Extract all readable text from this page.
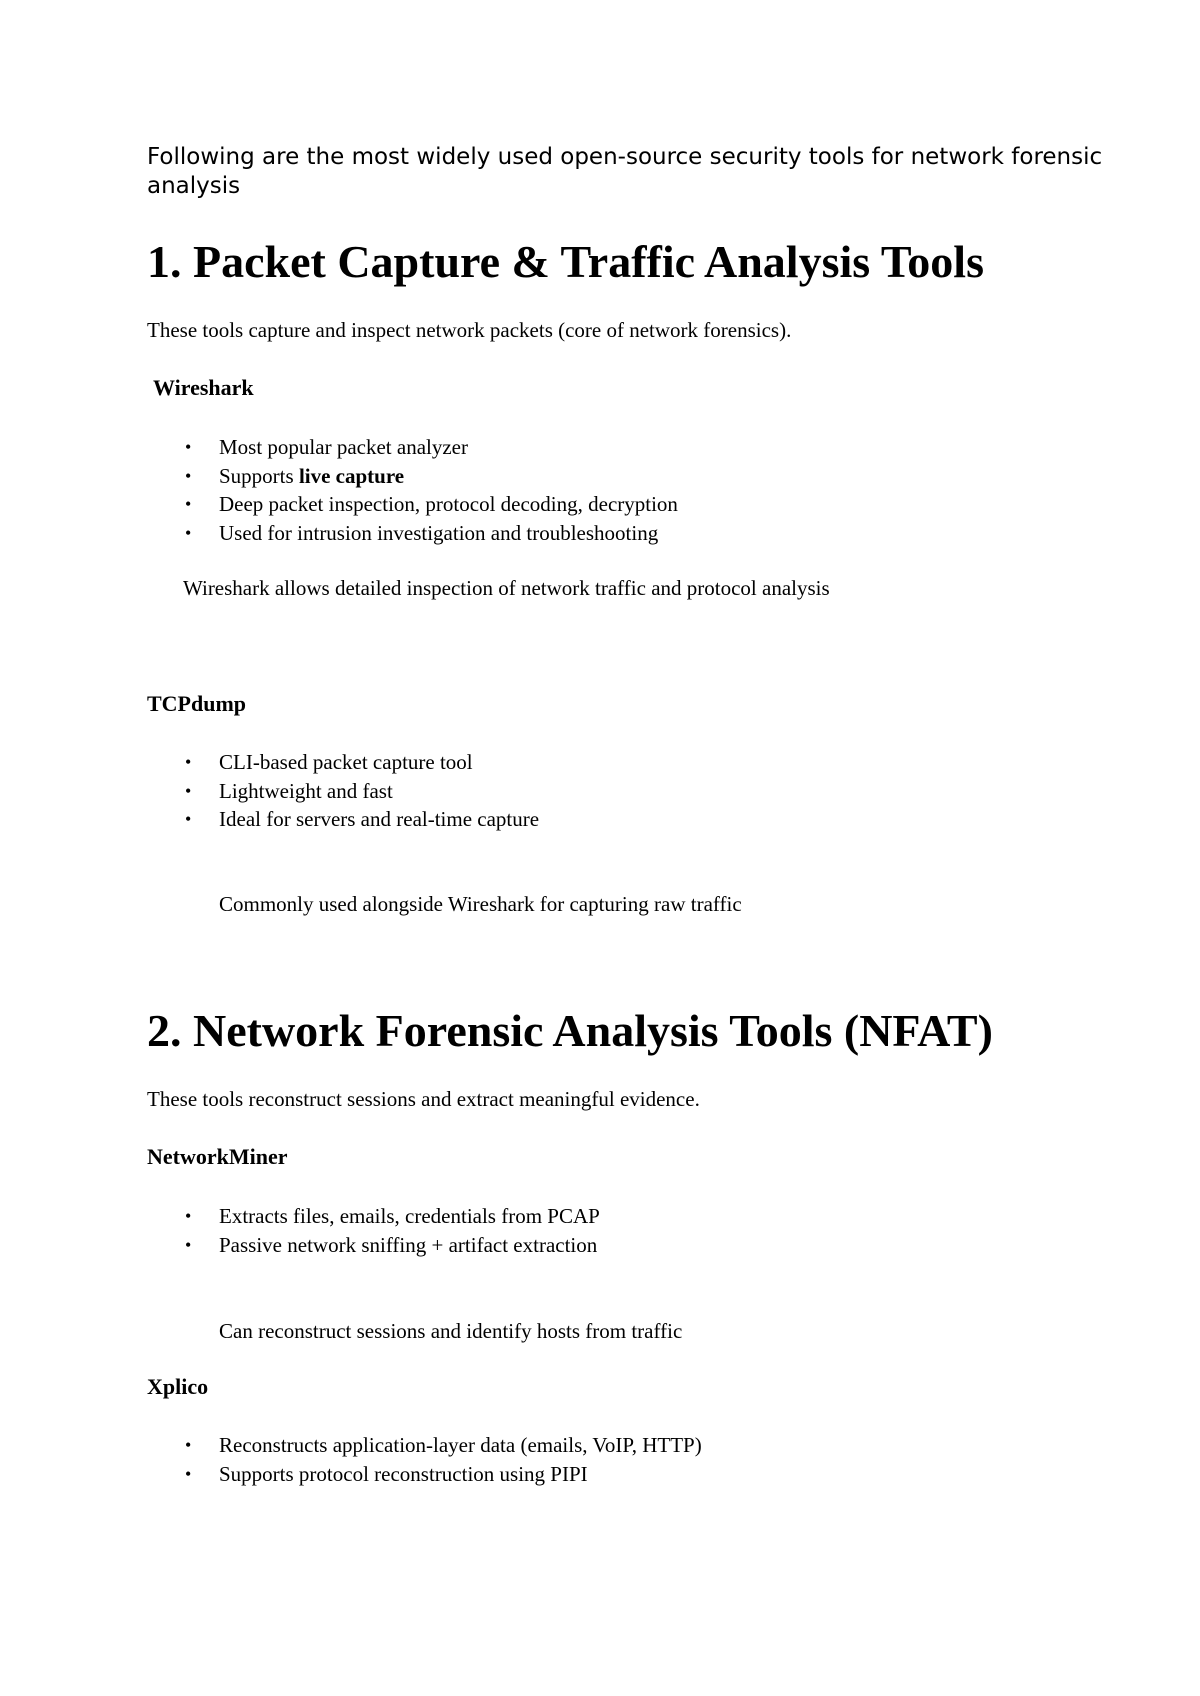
Following are the most widely used open-source security tools for network forensic analysis

1. Packet Capture & Traffic Analysis Tools

These tools capture and inspect network packets (core of network forensics).

Wireshark
• Most popular packet analyzer
• Supports live capture
• Deep packet inspection, protocol decoding, decryption
• Used for intrusion investigation and troubleshooting

Wireshark allows detailed inspection of network traffic and protocol analysis

TCPdump
• CLI-based packet capture tool
• Lightweight and fast
• Ideal for servers and real-time capture

Commonly used alongside Wireshark for capturing raw traffic

2. Network Forensic Analysis Tools (NFAT)

These tools reconstruct sessions and extract meaningful evidence.

NetworkMiner
• Extracts files, emails, credentials from PCAP
• Passive network sniffing + artifact extraction

Can reconstruct sessions and identify hosts from traffic

Xplico
• Reconstructs application-layer data (emails, VoIP, HTTP)
• Supports protocol reconstruction using PIPI
